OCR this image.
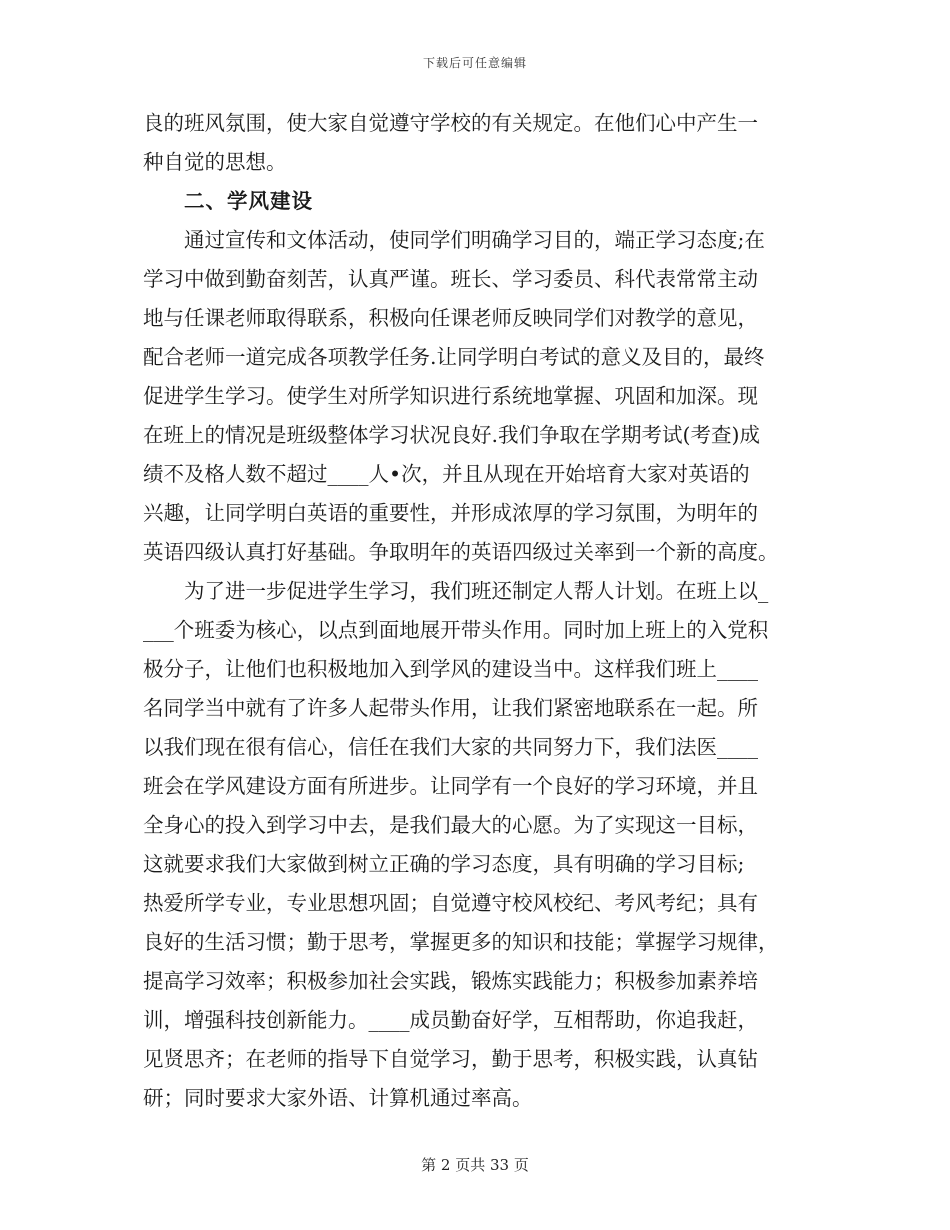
下载后可任意编辑
良的班风氛围，使大家自觉遵守学校的有关规定。在他们心中产生一
种自觉的思想。
二、学风建设
通过宣传和文体活动，使同学们明确学习目的，端正学习态度;在
学习中做到勤奋刻苦，认真严谨。班长、学习委员、科代表常常主动
地与任课老师取得联系，积极向任课老师反映同学们对教学的意见，
配合老师一道完成各项教学任务.让同学明白考试的意义及目的，最终
促进学生学习。使学生对所学知识进行系统地掌握、巩固和加深。现
在班上的情况是班级整体学习状况良好.我们争取在学期考试(考查)成
绩不及格人数不超过____人•次，并且从现在开始培育大家对英语的
兴趣，让同学明白英语的重要性，并形成浓厚的学习氛围，为明年的
英语四级认真打好基础。争取明年的英语四级过关率到一个新的高度。
为了进一步促进学生学习，我们班还制定人帮人计划。在班上以_
___个班委为核心，以点到面地展开带头作用。同时加上班上的入党积
极分子，让他们也积极地加入到学风的建设当中。这样我们班上____
名同学当中就有了许多人起带头作用，让我们紧密地联系在一起。所
以我们现在很有信心，信任在我们大家的共同努力下，我们法医____
班会在学风建设方面有所进步。让同学有一个良好的学习环境，并且
全身心的投入到学习中去，是我们最大的心愿。为了实现这一目标，
这就要求我们大家做到树立正确的学习态度，具有明确的学习目标;
热爱所学专业，专业思想巩固；自觉遵守校风校纪、考风考纪；具有
良好的生活习惯；勤于思考，掌握更多的知识和技能；掌握学习规律，
提高学习效率；积极参加社会实践，锻炼实践能力；积极参加素养培
训，增强科技创新能力。____成员勤奋好学，互相帮助，你追我赶，
见贤思齐；在老师的指导下自觉学习，勤于思考，积极实践，认真钻
研；同时要求大家外语、计算机通过率高。
第 2 页共 33 页
